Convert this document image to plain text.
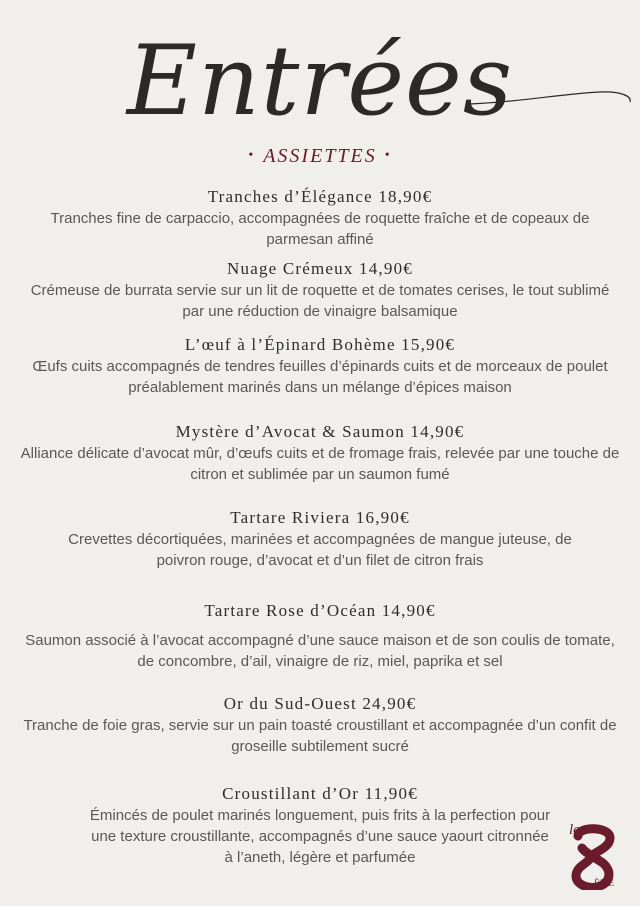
Entrées
• ASSIETTES •
Tranches d’Élégance 18,90€
Tranches fine de carpaccio, accompagnées de roquette fraîche et de copeaux de parmesan affiné
Nuage Crémeux 14,90€
Crémeuse de burrata servie sur un lit de roquette et de tomates cerises, le tout sublimé par une réduction de vinaigre balsamique
L’œuf à l’Épinard Bohème 15,90€
Œufs cuits accompagnés de tendres feuilles d’épinards cuits et de morceaux de poulet préalablement marinés dans un mélange d’épices maison
Mystère d’Avocat & Saumon 14,90€
Alliance délicate d’avocat mûr, d’œufs cuits et de fromage frais, relevée par une touche de citron et sublimée par un saumon fumé
Tartare Riviera 16,90€
Crevettes décortiquées, marinées et accompagnées de mangue juteuse, de poivron rouge, d’avocat et d’un filet de citron frais
Tartare Rose d’Océan 14,90€
Saumon associé à l’avocat accompagné d’une sauce maison et de son coulis de tomate, de concombre, d’ail, vinaigre de riz, miel, paprika et sel
Or du Sud-Ouest 24,90€
Tranche de foie gras, servie sur un pain toasté croustillant et accompagnée d’un confit de groseille subtilement sucré
Croustillant d’Or 11,90€
Émincés de poulet marinés longuement, puis frits à la perfection pour une texture croustillante, accompagnés d’une sauce yaourt citronnée à l’aneth, légère et parfumée
le
ÈME
